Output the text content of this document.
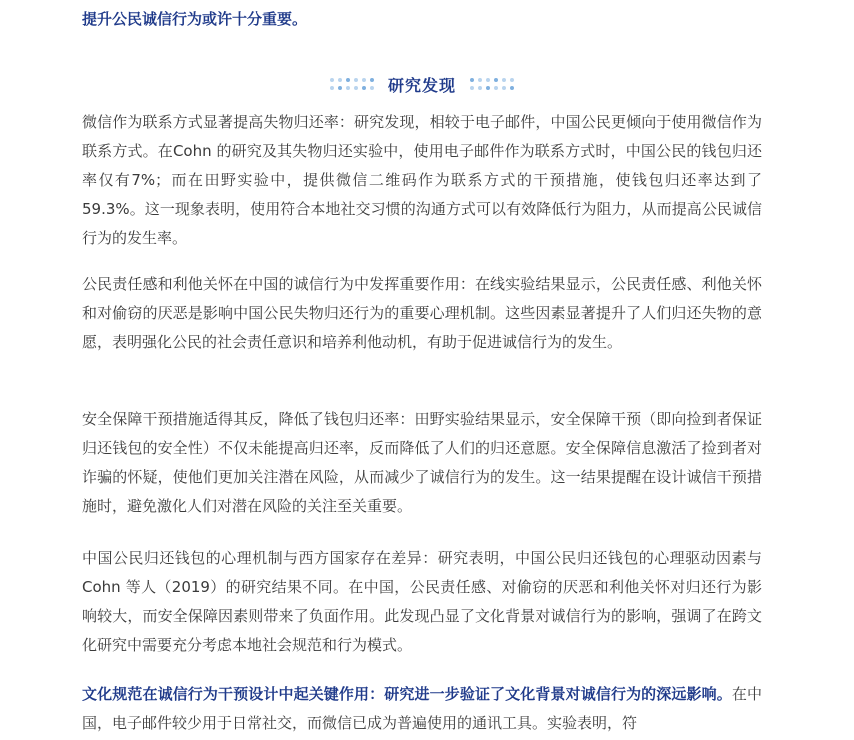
提升公民诚信行为或许十分重要。
研究发现

微信作为联系方式显著提高失物归还率：研究发现，相较于电子邮件，中国公民更倾向于使用微信作为联系方式。在Cohn 的研究及其失物归还实验中，使用电子邮件作为联系方式时，中国公民的钱包归还率仅有7%；而在田野实验中，提供微信二维码作为联系方式的干预措施，使钱包归还率达到了 59.3%。这一现象表明，使用符合本地社交习惯的沟通方式可以有效降低行为阻力，从而提高公民诚信行为的发生率。

公民责任感和利他关怀在中国的诚信行为中发挥重要作用：在线实验结果显示，公民责任感、利他关怀和对偷窃的厌恶是影响中国公民失物归还行为的重要心理机制。这些因素显著提升了人们归还失物的意愿，表明强化公民的社会责任意识和培养利他动机，有助于促进诚信行为的发生。

安全保障干预措施适得其反，降低了钱包归还率：田野实验结果显示，安全保障干预（即向捡到者保证归还钱包的安全性）不仅未能提高归还率，反而降低了人们的归还意愿。安全保障信息激活了捡到者对诈骗的怀疑，使他们更加关注潜在风险，从而减少了诚信行为的发生。这一结果提醒在设计诚信干预措施时，避免激化人们对潜在风险的关注至关重要。

中国公民归还钱包的心理机制与西方国家存在差异：研究表明，中国公民归还钱包的心理驱动因素与 Cohn 等人（2019）的研究结果不同。在中国，公民责任感、对偷窃的厌恶和利他关怀对归还行为影响较大，而安全保障因素则带来了负面作用。此发现凸显了文化背景对诚信行为的影响，强调了在跨文化研究中需要充分考虑本地社会规范和行为模式。

文化规范在诚信行为干预设计中起关键作用：研究进一步验证了文化背景对诚信行为的深远影响。在中国，电子邮件较少用于日常社交，而微信已成为普遍使用的通讯工具。实验表明，符
